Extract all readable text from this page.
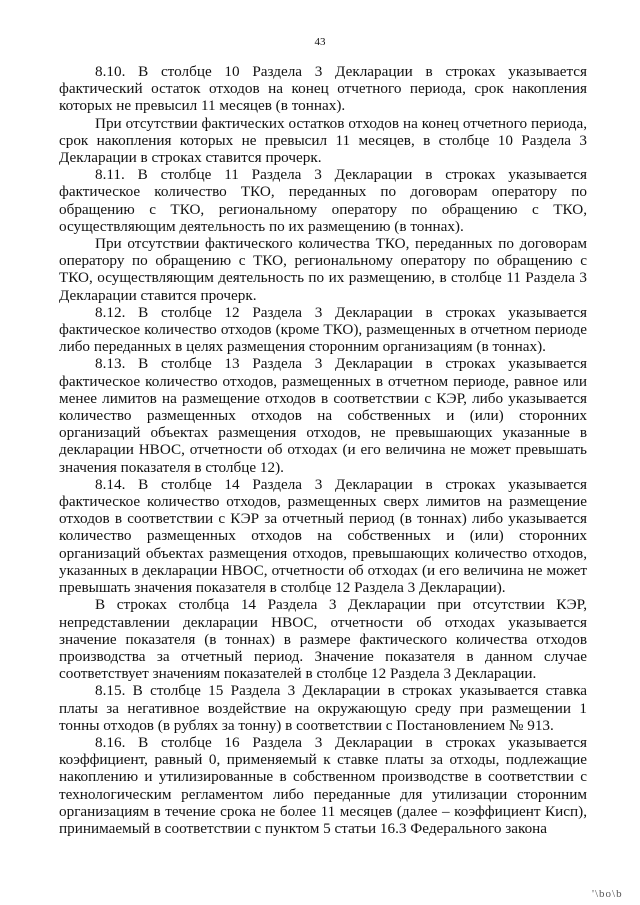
43

8.10. В столбце 10 Раздела 3 Декларации в строках указывается фактический остаток отходов на конец отчетного периода, срок накопления которых не превысил 11 месяцев (в тоннах).

При отсутствии фактических остатков отходов на конец отчетного периода, срок накопления которых не превысил 11 месяцев, в столбце 10 Раздела 3 Декларации в строках ставится прочерк.

8.11. В столбце 11 Раздела 3 Декларации в строках указывается фактическое количество ТКО, переданных по договорам оператору по обращению с ТКО, региональному оператору по обращению с ТКО, осуществляющим деятельность по их размещению (в тоннах).

При отсутствии фактического количества ТКО, переданных по договорам оператору по обращению с ТКО, региональному оператору по обращению с ТКО, осуществляющим деятельность по их размещению, в столбце 11 Раздела 3 Декларации ставится прочерк.

8.12. В столбце 12 Раздела 3 Декларации в строках указывается фактическое количество отходов (кроме ТКО), размещенных в отчетном периоде либо переданных в целях размещения сторонним организациям (в тоннах).

8.13. В столбце 13 Раздела 3 Декларации в строках указывается фактическое количество отходов, размещенных в отчетном периоде, равное или менее лимитов на размещение отходов в соответствии с КЭР, либо указывается количество размещенных отходов на собственных и (или) сторонних организаций объектах размещения отходов, не превышающих указанные в декларации НВОС, отчетности об отходах (и его величина не может превышать значения показателя в столбце 12).

8.14. В столбце 14 Раздела 3 Декларации в строках указывается фактическое количество отходов, размещенных сверх лимитов на размещение отходов в соответствии с КЭР за отчетный период (в тоннах) либо указывается количество размещенных отходов на собственных и (или) сторонних организаций объектах размещения отходов, превышающих количество отходов, указанных в декларации НВОС, отчетности об отходах (и его величина не может превышать значения показателя в столбце 12 Раздела 3 Декларации).

В строках столбца 14 Раздела 3 Декларации при отсутствии КЭР, непредставлении декларации НВОС, отчетности об отходах указывается значение показателя (в тоннах) в размере фактического количества отходов производства за отчетный период. Значение показателя в данном случае соответствует значениям показателей в столбце 12 Раздела 3 Декларации.

8.15. В столбце 15 Раздела 3 Декларации в строках указывается ставка платы за негативное воздействие на окружающую среду при размещении 1 тонны отходов (в рублях за тонну) в соответствии с Постановлением № 913.

8.16. В столбце 16 Раздела 3 Декларации в строках указывается коэффициент, равный 0, применяемый к ставке платы за отходы, подлежащие накоплению и утилизированные в собственном производстве в соответствии с технологическим регламентом либо переданные для утилизации сторонним организациям в течение срока не более 11 месяцев (далее – коэффициент Кисп), принимаемый в соответствии с пунктом 5 статьи 16.3 Федерального закона

'\bo\b
